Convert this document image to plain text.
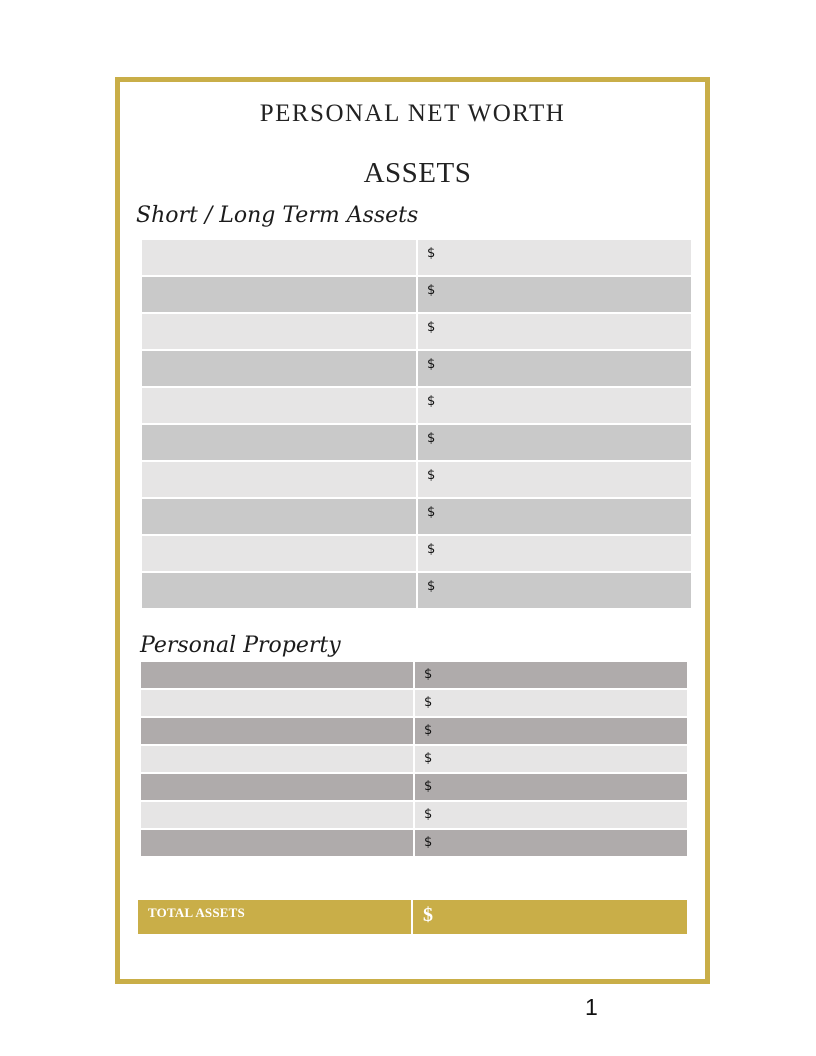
PERSONAL NET WORTH
ASSETS
Short / Long Term Assets
$
$
$
$
$
$
$
$
$
$
Personal Property
$
$
$
$
$
$
$
TOTAL ASSETS	$
1
